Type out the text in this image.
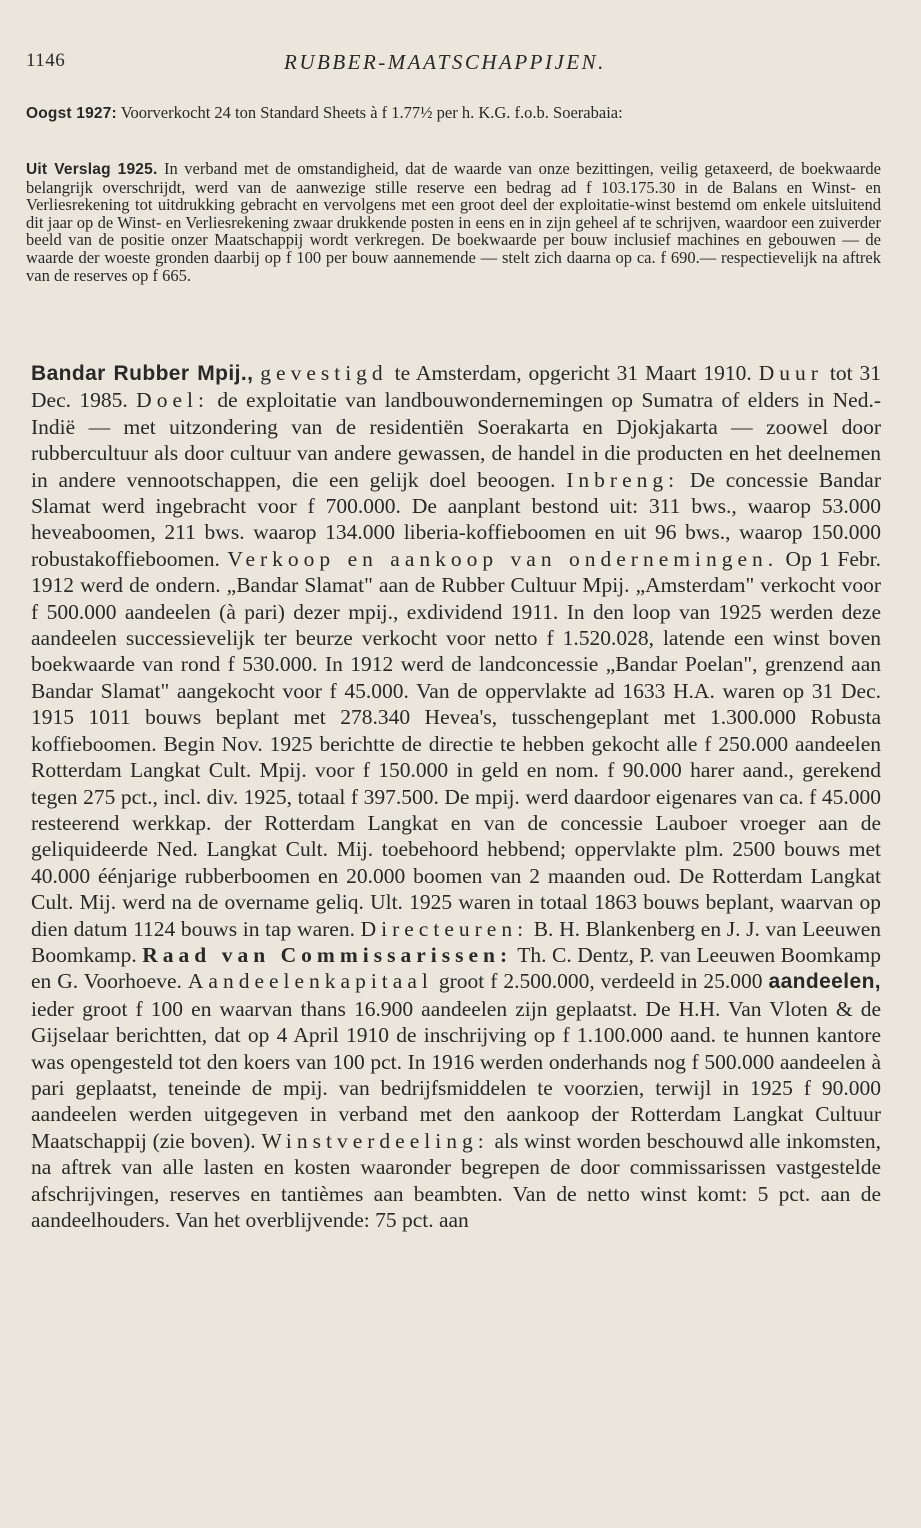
1146	RUBBER-MAATSCHAPPIJEN.

Oogst 1927: Voorverkocht 24 ton Standard Sheets à f 1.77½ per h. K.G. f.o.b. Soerabaia:

Uit Verslag 1925. In verband met de omstandigheid, dat de waarde van onze bezittingen, veilig getaxeerd, de boekwaarde belangrijk overschrijdt, werd van de aanwezige stille reserve een bedrag ad f 103.175.30 in de Balans en Winst- en Verliesrekening tot uitdrukking gebracht en vervolgens met een groot deel der exploitatie-winst bestemd om enkele uitsluitend dit jaar op de Winst- en Verliesrekening zwaar drukkende posten in eens en in zijn geheel af te schrijven, waardoor een zuiverder beeld van de positie onzer Maatschappij wordt verkregen. De boekwaarde per bouw inclusief machines en gebouwen — de waarde der woeste gronden daarbij op f 100 per bouw aannemende — stelt zich daarna op ca. f 690.— respectievelijk na aftrek van de reserves op f 665.

Bandar Rubber Mpij., gevestigd te Amsterdam, opgericht 31 Maart 1910. Duur tot 31 Dec. 1985. Doel: de exploitatie van landbouwondernemingen op Sumatra of elders in Ned.-Indië — met uitzondering van de residentiën Soerakarta en Djokjakarta — zoowel door rubbercultuur als door cultuur van andere gewassen, de handel in die producten en het deelnemen in andere vennootschappen, die een gelijk doel beoogen. Inbreng: De concessie Bandar Slamat werd ingebracht voor f 700.000. De aanplant bestond uit: 311 bws., waarop 53.000 heveaboomen, 211 bws. waarop 134.000 liberia-koffieboomen en uit 96 bws., waarop 150.000 robustakoffieboomen. Verkoop en aankoop van ondernemingen. Op 1 Febr. 1912 werd de ondern. „Bandar Slamat" aan de Rubber Cultuur Mpij. „Amsterdam" verkocht voor f 500.000 aandeelen (à pari) dezer mpij., exdividend 1911. In den loop van 1925 werden deze aandeelen successievelijk ter beurze verkocht voor netto f 1.520.028, latende een winst boven boekwaarde van rond f 530.000. In 1912 werd de landconcessie „Bandar Poelan", grenzend aan Bandar Slamat" aangekocht voor f 45.000. Van de oppervlakte ad 1633 H.A. waren op 31 Dec. 1915 1011 bouws beplant met 278.340 Hevea's, tusschengeplant met 1.300.000 Robusta koffieboomen. Begin Nov. 1925 berichtte de directie te hebben gekocht alle f 250.000 aandeelen Rotterdam Langkat Cult. Mpij. voor f 150.000 in geld en nom. f 90.000 harer aand., gerekend tegen 275 pct., incl. div. 1925, totaal f 397.500. De mpij. werd daardoor eigenares van ca. f 45.000 resteerend werkkap. der Rotterdam Langkat en van de concessie Lauboer vroeger aan de geliquideerde Ned. Langkat Cult. Mij. toebehoord hebbend; oppervlakte plm. 2500 bouws met 40.000 éénjarige rubberboomen en 20.000 boomen van 2 maanden oud. De Rotterdam Langkat Cult. Mij. werd na de overname geliq. Ult. 1925 waren in totaal 1863 bouws beplant, waarvan op dien datum 1124 bouws in tap waren. Directeuren: B. H. Blankenberg en J. J. van Leeuwen Boomkamp. Raad van Commissarissen: Th. C. Dentz, P. van Leeuwen Boomkamp en G. Voorhoeve. Aandeelenkapitaal groot f 2.500.000, verdeeld in 25.000 aandeelen, ieder groot f 100 en waarvan thans 16.900 aandeelen zijn geplaatst. De H.H. Van Vloten & de Gijselaar berichtten, dat op 4 April 1910 de inschrijving op f 1.100.000 aand. te hunnen kantore was opengesteld tot den koers van 100 pct. In 1916 werden onderhands nog f 500.000 aandeelen à pari geplaatst, teneinde de mpij. van bedrijfsmiddelen te voorzien, terwijl in 1925 f 90.000 aandeelen werden uitgegeven in verband met den aankoop der Rotterdam Langkat Cultuur Maatschappij (zie boven). Winstverdeeling: als winst worden beschouwd alle inkomsten, na aftrek van alle lasten en kosten waaronder begrepen de door commissarissen vastgestelde afschrijvingen, reserves en tantièmes aan beambten. Van de netto winst komt: 5 pct. aan de aandeelhouders. Van het overblijvende: 75 pct. aan
